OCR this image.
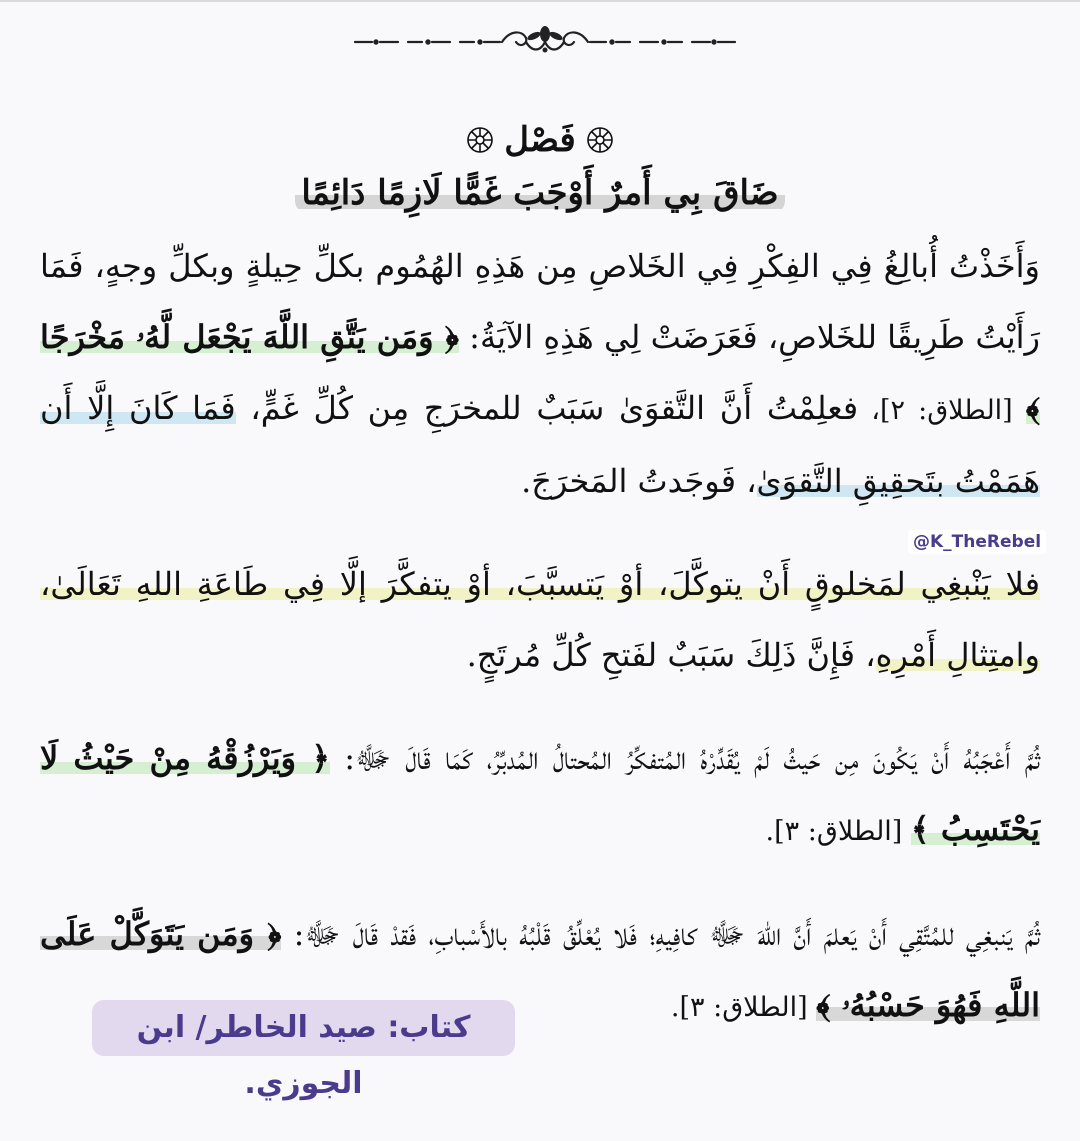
فَصْل
ضَاقَ بِي أَمرٌ أَوْجَبَ غَمًّا لَازِمًا دَائِمًا

وَأَخَذْتُ أُبالِغُ فِي الفِكْرِ فِي الخَلاصِ مِن هَذِهِ الهُمُوم بكلِّ حِيلةٍ وبكلِّ وجهٍ، فَمَا رَأَيْتُ طَرِيقًا للخَلاصِ، فَعَرَضَتْ لِي هَذِهِ الآيَةُ: ﴿ وَمَن يَتَّقِ اللَّهَ يَجْعَل لَّهُۥ مَخْرَجًا ﴾ [الطلاق: ٢]، فعلِمْتُ أَنَّ التَّقوَىٰ سَبَبٌ للمخرَجِ مِن كُلِّ غَمٍّ، فَمَا كَانَ إِلَّا أَن هَمَمْتُ بتَحقِيقِ التَّقوَىٰ، فَوجَدتُ المَخرَجَ.

فلا يَنْبغِي لمَخلوقٍ أَنْ يتوكَّلَ، أوْ يَتسبَّبَ، أوْ يتفكَّرَ إلَّا فِي طَاعَةِ اللهِ تَعَالَىٰ، وامتِثالِ أَمْرِهِ، فَإِنَّ ذَلِكَ سَبَبٌ لفَتحِ كُلِّ مُرتَجٍ.

ثُمَّ أَعْجَبُهُ أَنْ يَكُونَ مِن حَيثُ لَمْ يُقَدِّرْهُ المُتفكِّرُ المُحتالُ المُدبِّرُ، كَمَا قَالَ ﷻ: ﴿ وَيَرْزُقْهُ مِنْ حَيْثُ لَا يَحْتَسِبُ ﴾ [الطلاق: ٣].

ثُمَّ يَنبغِي للمُتَّقِي أَنْ يَعلمَ أَنَّ اللهَ ﷻ كافِيهِ؛ فَلا يُعْلِّقُ قَلْبُهُ بالأَسْبابِ، فَقدْ قَالَ ﷻ: ﴿ وَمَن يَتَوَكَّلْ عَلَى اللَّهِ فَهُوَ حَسْبُهُۥ ﴾ [الطلاق: ٣].

@K_TheRebel
كتاب: صيد الخاطر/ ابن الجوزي.
